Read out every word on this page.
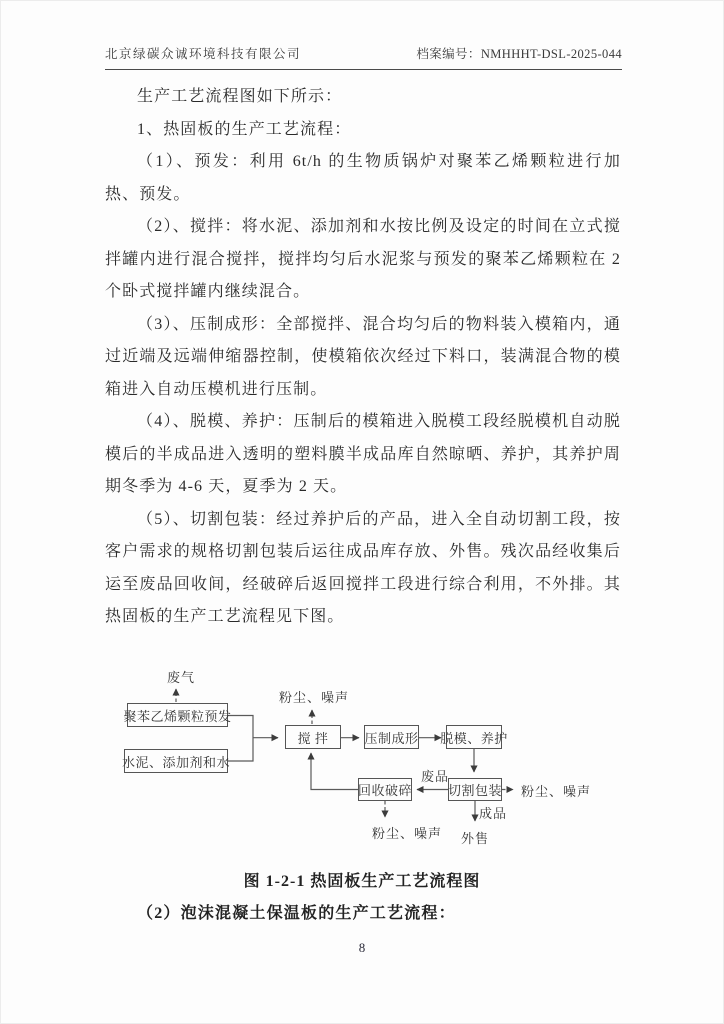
北京绿碳众诚环境科技有限公司	档案编号：NMHHHT-DSL-2025-044

生产工艺流程图如下所示：

1、热固板的生产工艺流程：

（1）、预发：利用 6t/h 的生物质锅炉对聚苯乙烯颗粒进行加热、预发。

（2）、搅拌：将水泥、添加剂和水按比例及设定的时间在立式搅拌罐内进行混合搅拌，搅拌均匀后水泥浆与预发的聚苯乙烯颗粒在 2 个卧式搅拌罐内继续混合。

（3）、压制成形：全部搅拌、混合均匀后的物料装入模箱内，通过近端及远端伸缩器控制，使模箱依次经过下料口，装满混合物的模箱进入自动压模机进行压制。

（4）、脱模、养护：压制后的模箱进入脱模工段经脱模机自动脱模后的半成品进入透明的塑料膜半成品库自然晾晒、养护，其养护周期冬季为 4-6 天，夏季为 2 天。

（5）、切割包装：经过养护后的产品，进入全自动切割工段，按客户需求的规格切割包装后运往成品库存放、外售。残次品经收集后运至废品回收间，经破碎后返回搅拌工段进行综合利用，不外排。其热固板的生产工艺流程见下图。

聚苯乙烯颗粒预发
水泥、添加剂和水
搅 拌	压制成形 脱模、养护
回收破碎	切割包装
废气
粉尘、噪声
粉尘、噪声
粉尘、噪声
废品
成品
外售
图 1-2-1 热固板生产工艺流程图
（2）泡沫混凝土保温板的生产工艺流程：
8
